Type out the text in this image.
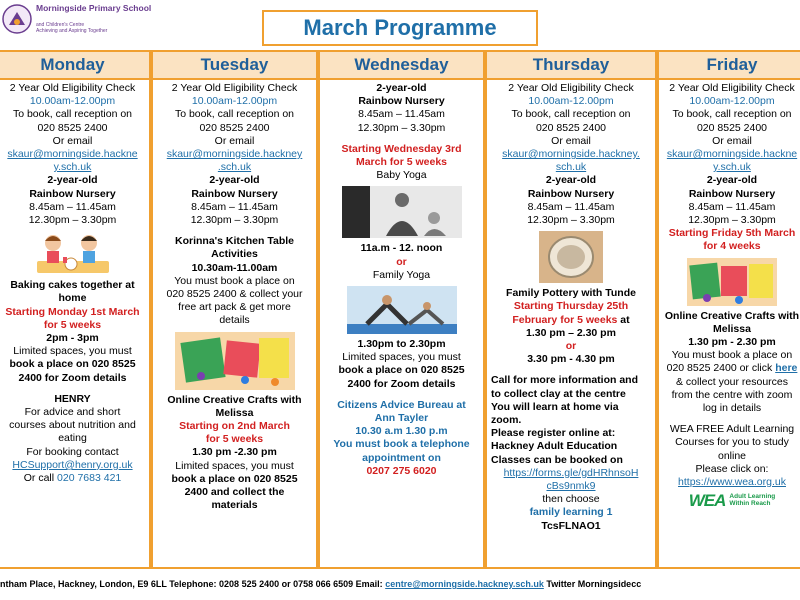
Morningside Primary School
and Children's Centre
Achieving and Aspiring Together	March Programme
Monday
2 Year Old Eligibility Check
10.00am-12.00pm
To book, call reception on
020 8525 2400
Or email
skaur@morningside.hackne
y.sch.uk
2-year-old
Rainbow Nursery
8.45am – 11.45am
12.30pm – 3.30pm
Baking cakes together at
home
Starting Monday 1st March
for 5 weeks
2pm - 3pm
Limited spaces, you must
book a place on 020 8525
2400 for Zoom details
HENRY
For advice and short
courses about nutrition and
eating
For booking contact
HCSupport@henry.org.uk
Or call 020 7683 421
Tuesday
2 Year Old Eligibility Check
10.00am-12.00pm
To book, call reception on
020 8525 2400
Or email
skaur@morningside.hackney
.sch.uk
2-year-old
Rainbow Nursery
8.45am – 11.45am
12.30pm – 3.30pm
Korinna's Kitchen Table
Activities
10.30am-11.00am
You must book a place on
020 8525 2400 & collect your
free art pack & get more
details
Online Creative Crafts with
Melissa
Starting on 2nd March
for 5 weeks
1.30 pm -2.30 pm
Limited spaces, you must
book a place on 020 8525
2400 and collect the
materials
Wednesday
2-year-old
Rainbow Nursery
8.45am – 11.45am
12.30pm – 3.30pm
Starting Wednesday 3rd
March for 5 weeks
Baby Yoga
11a.m - 12. noon
or
Family Yoga
1.30pm to 2.30pm
Limited spaces, you must
book a place on 020 8525
2400 for Zoom details
Citizens Advice Bureau at
Ann Tayler
10.30 a.m 1.30 p.m
You must book a telephone
appointment on
0207 275 6020
Thursday
2 Year Old Eligibility Check
10.00am-12.00pm
To book, call reception on
020 8525 2400
Or email
skaur@morningside.hackney.
sch.uk
2-year-old
Rainbow Nursery
8.45am – 11.45am
12.30pm – 3.30pm
Family Pottery with Tunde
Starting Thursday 25th
February for 5 weeks at
1.30 pm – 2.30 pm
or
3.30 pm - 4.30 pm
Call for more information and
to collect clay at the centre
You will learn at home via
zoom.
Please register online at:
Hackney Adult Education
Classes can be booked on
https://forms.gle/gdHRhnsoH
cBs9nmk9
then choose
family learning 1
TcsFLNAO1
Friday
2 Year Old Eligibility Check
10.00am-12.00pm
To book, call reception on
020 8525 2400
Or email
skaur@morningside.hackne
y.sch.uk
2-year-old
Rainbow Nursery
8.45am – 11.45am
12.30pm – 3.30pm
Starting Friday 5th March
for 4 weeks
Online Creative Crafts with
Melissa
1.30 pm - 2.30 pm
You must book a place on
020 8525 2400 or click here
& collect your resources
from the centre with zoom
log in details
WEA FREE Adult Learning
Courses for you to study
online
Please click on:
https://www.wea.org.uk
WEA Adult Learning
Within Reach
ntham Place, Hackney, London, E9 6LL Telephone: 0208 525 2400 or 0758 066 6509 Email: centre@morningside.hackney.sch.uk Twitter Morningsidecc
